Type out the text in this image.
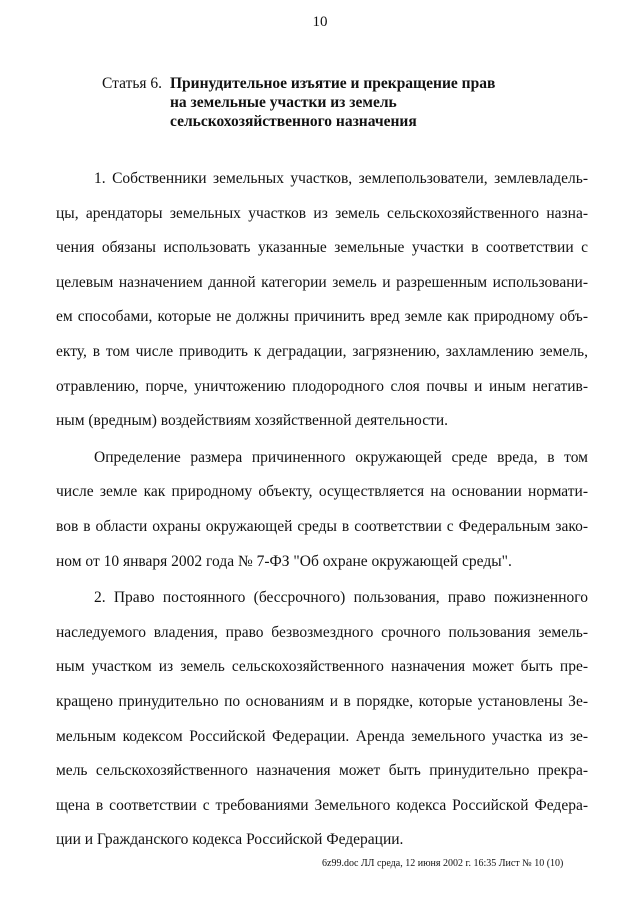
10
Статья 6. Принудительное изъятие и прекращение прав
на земельные участки из земель
сельскохозяйственного назначения
1. Собственники земельных участков, землепользователи, землевладель-
цы, арендаторы земельных участков из земель сельскохозяйственного назна-
чения обязаны использовать указанные земельные участки в соответствии с
целевым назначением данной категории земель и разрешенным использовани-
ем способами, которые не должны причинить вред земле как природному объ-
екту, в том числе приводить к деградации, загрязнению, захламлению земель,
отравлению, порче, уничтожению плодородного слоя почвы и иным негатив-
ным (вредным) воздействиям хозяйственной деятельности.
Определение размера причиненного окружающей среде вреда, в том
числе земле как природному объекту, осуществляется на основании нормати-
вов в области охраны окружающей среды в соответствии с Федеральным зако-
ном от 10 января 2002 года № 7-ФЗ "Об охране окружающей среды".
2. Право постоянного (бессрочного) пользования, право пожизненного
наследуемого владения, право безвозмездного срочного пользования земель-
ным участком из земель сельскохозяйственного назначения может быть пре-
кращено принудительно по основаниям и в порядке, которые установлены Зе-
мельным кодексом Российской Федерации. Аренда земельного участка из зе-
мель сельскохозяйственного назначения может быть принудительно прекра-
щена в соответствии с требованиями Земельного кодекса Российской Федера-
ции и Гражданского кодекса Российской Федерации.
6z99.doc ЛЛ среда, 12 июня 2002 г. 16:35 Лист № 10 (10)
